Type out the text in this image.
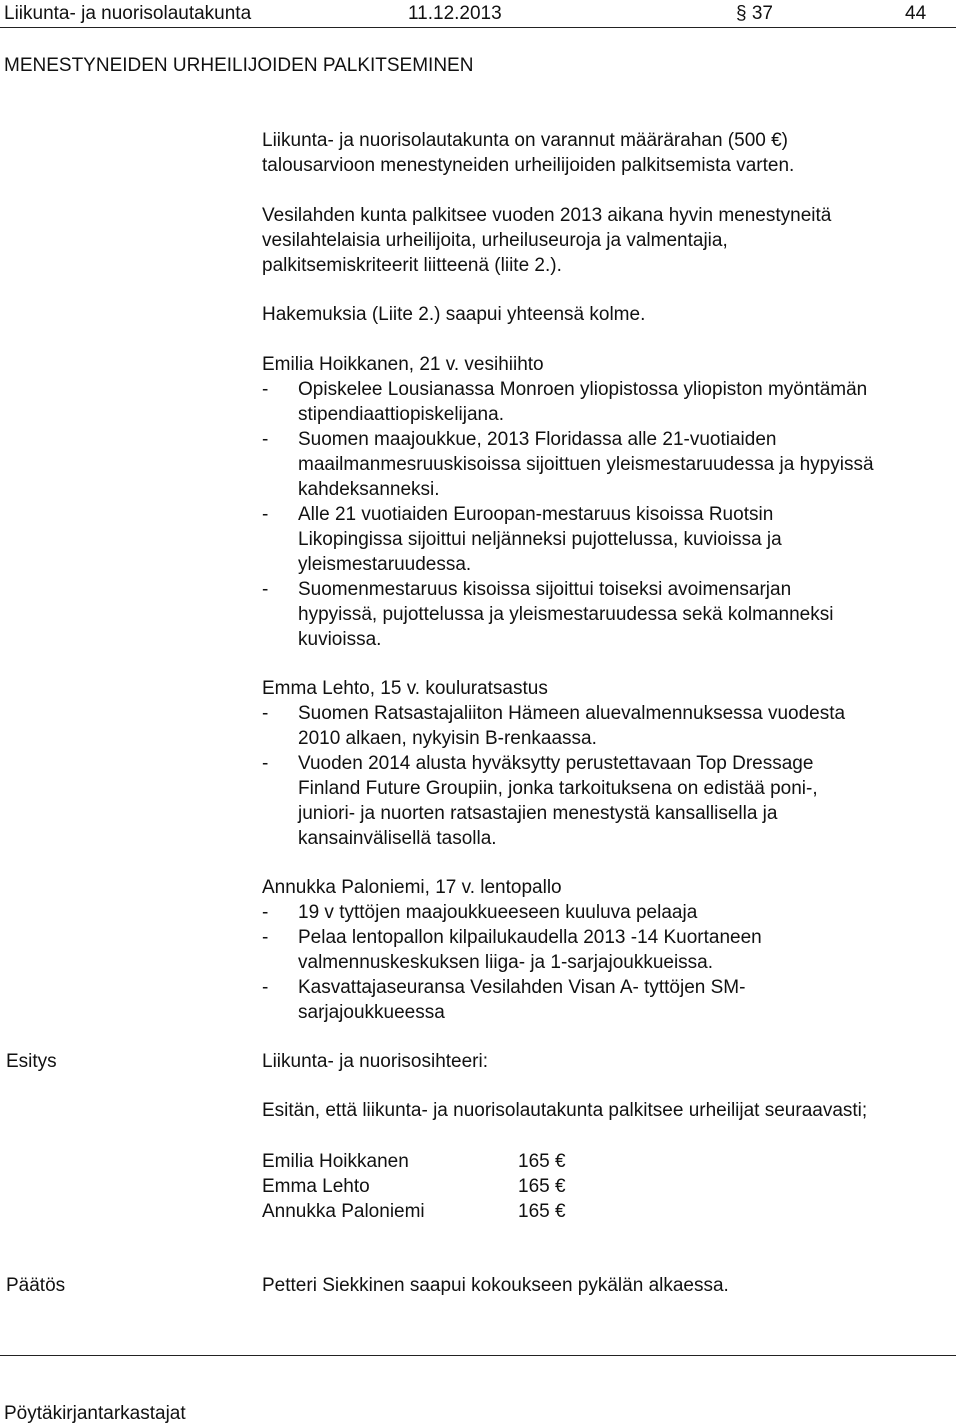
Liikunta- ja nuorisolautakunta	11.12.2013	§ 37	44
MENESTYNEIDEN URHEILIJOIDEN PALKITSEMINEN

Liikunta- ja nuorisolautakunta on varannut määrärahan (500 €)

talousarvioon menestyneiden urheilijoiden palkitsemista varten.

Vesilahden kunta palkitsee vuoden 2013 aikana hyvin menestyneitä

vesilahtelaisia urheilijoita, urheiluseuroja ja valmentajia,

palkitsemiskriteerit liitteenä (liite 2.).

Hakemuksia (Liite 2.) saapui yhteensä kolme.

Emilia Hoikkanen, 21 v. vesihiihto

- Opiskelee Lousianassa Monroen yliopistossa yliopiston myöntämän
stipendiaattiopiskelijana.
- Suomen maajoukkue, 2013 Floridassa alle 21-vuotiaiden
maailmanmesruuskisoissa sijoittuen yleismestaruudessa ja hypyissä
kahdeksanneksi.
- Alle 21 vuotiaiden Euroopan-mestaruus kisoissa Ruotsin
Likopingissa sijoittui neljänneksi pujottelussa, kuvioissa ja
yleismestaruudessa.
- Suomenmestaruus kisoissa sijoittui toiseksi avoimensarjan
hypyissä, pujottelussa ja yleismestaruudessa sekä kolmanneksi
kuvioissa.

Emma Lehto, 15 v. kouluratsastus

- Suomen Ratsastajaliiton Hämeen aluevalmennuksessa vuodesta
2010 alkaen, nykyisin B-renkaassa.
- Vuoden 2014 alusta hyväksytty perustettavaan Top Dressage
Finland Future Groupiin, jonka tarkoituksena on edistää poni-,
juniori- ja nuorten ratsastajien menestystä kansallisella ja
kansainvälisellä tasolla.

Annukka Paloniemi, 17 v. lentopallo

- 19 v tyttöjen maajoukkueeseen kuuluva pelaaja
- Pelaa lentopallon kilpailukaudella 2013 -14 Kuortaneen
valmennuskeskuksen liiga- ja 1-sarjajoukkueissa.
- Kasvattajaseuransa Vesilahden Visan A- tyttöjen SM-
sarjajoukkueessa
Esitys	Liikunta- ja nuorisosihteeri:

Esitän, että liikunta- ja nuorisolautakunta palkitsee urheilijat seuraavasti;

Emilia Hoikkanen	165 €
Emma Lehto	165 €
Annukka Paloniemi	165 €
Päätös	Petteri Siekkinen saapui kokoukseen pykälän alkaessa.
Pöytäkirjantarkastajat
